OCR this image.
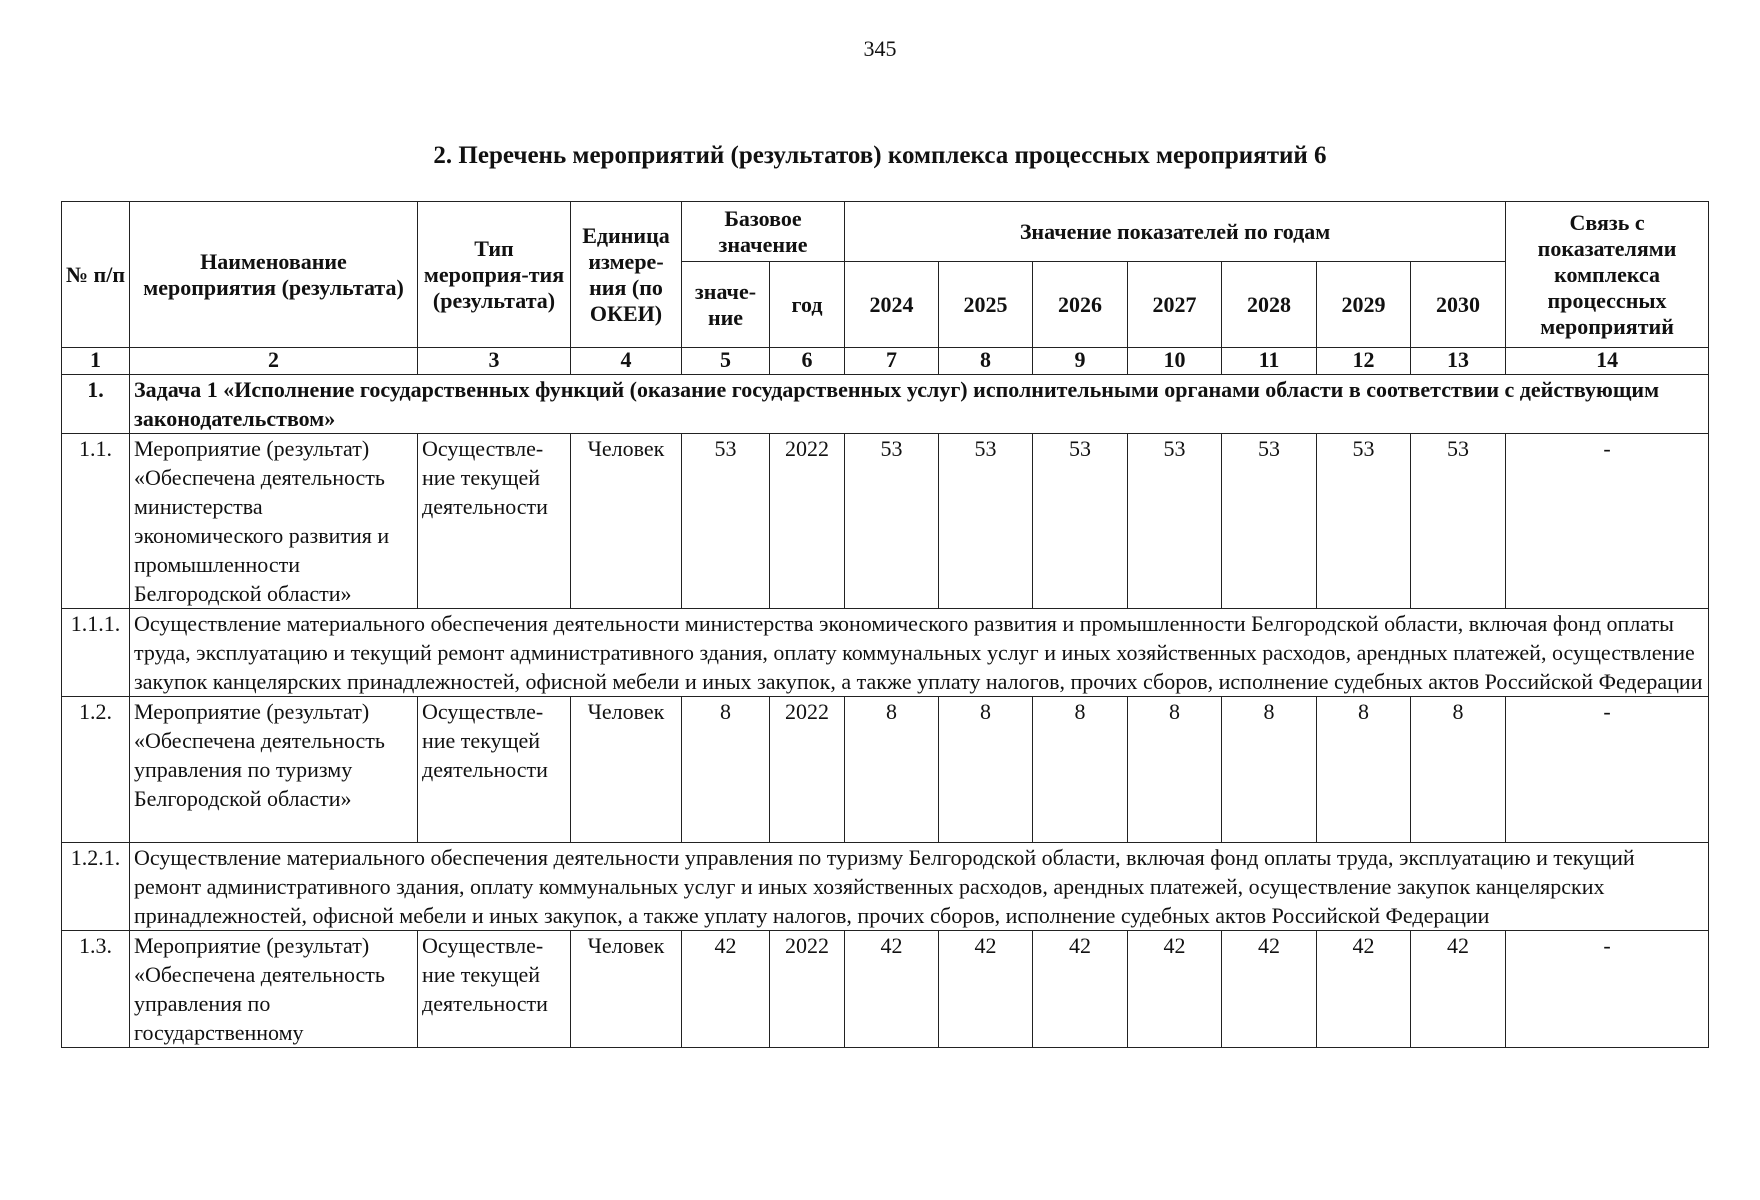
345
2. Перечень мероприятий (результатов) комплекса процессных мероприятий 6
№ п/п	Наименование мероприятия (результата)	Тип мероприя-тия (результата)	Единица измере-ния (по ОКЕИ)	Базовое значение		Значение показателей по годам							Связь с показателями комплекса процессных мероприятий
				значе-ние	год	2024	2025	2026	2027	2028	2029	2030	
1	2	3	4	5	6	7	8	9	10	11	12	13	14
1.	Задача 1 «Исполнение государственных функций (оказание государственных услуг) исполнительными органами области в соответствии с действующим законодательством»												
1.1.	Мероприятие (результат) «Обеспечена деятельность министерства экономического развития и промышленности Белгородской области»	Осуществле-ние текущей деятельности	Человек	53	2022	53	53	53	53	53	53	53	-
1.1.1.	Осуществление материального обеспечения деятельности министерства экономического развития и промышленности Белгородской области, включая фонд оплаты труда, эксплуатацию и текущий ремонт административного здания, оплату коммунальных услуг и иных хозяйственных расходов, арендных платежей, осуществление закупок канцелярских принадлежностей, офисной мебели и иных закупок, а также уплату налогов, прочих сборов, исполнение судебных актов Российской Федерации												
1.2.	Мероприятие (результат) «Обеспечена деятельность управления по туризму Белгородской области»	Осуществле-ние текущей деятельности	Человек	8	2022	8	8	8	8	8	8	8	-
1.2.1.	Осуществление материального обеспечения деятельности управления по туризму Белгородской области, включая фонд оплаты труда, эксплуатацию и текущий ремонт административного здания, оплату коммунальных услуг и иных хозяйственных расходов, арендных платежей, осуществление закупок канцелярских принадлежностей, офисной мебели и иных закупок, а также уплату налогов, прочих сборов, исполнение судебных актов Российской Федерации												
1.3.	Мероприятие (результат) «Обеспечена деятельность управления по государственному	Осуществле-ние текущей деятельности	Человек	42	2022	42	42	42	42	42	42	42	-
